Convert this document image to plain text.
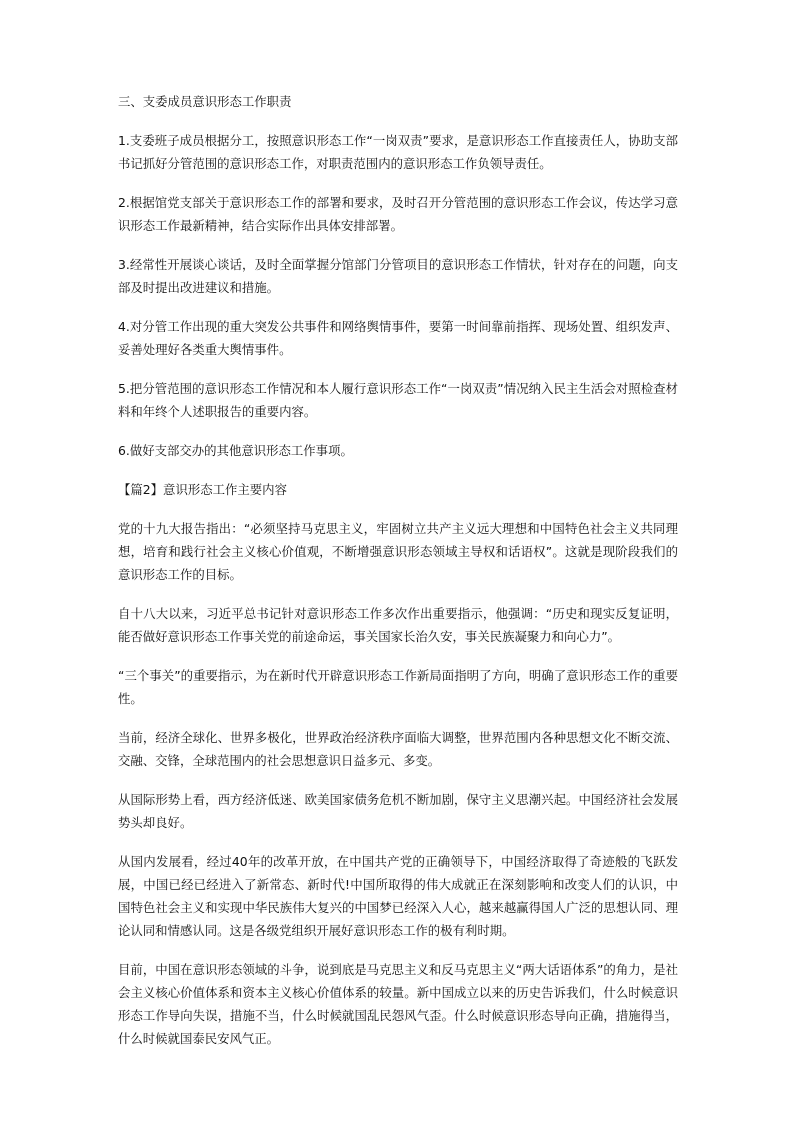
三、支委成员意识形态工作职责

1.支委班子成员根据分工，按照意识形态工作“一岗双责”要求，是意识形态工作直接责任人，协助支部书记抓好分管范围的意识形态工作，对职责范围内的意识形态工作负领导责任。

2.根据馆党支部关于意识形态工作的部署和要求，及时召开分管范围的意识形态工作会议，传达学习意识形态工作最新精神，结合实际作出具体安排部署。

3.经常性开展谈心谈话，及时全面掌握分馆部门分管项目的意识形态工作情状，针对存在的问题，向支部及时提出改进建议和措施。

4.对分管工作出现的重大突发公共事件和网络舆情事件，要第一时间靠前指挥、现场处置、组织发声、妥善处理好各类重大舆情事件。

5.把分管范围的意识形态工作情况和本人履行意识形态工作“一岗双责”情况纳入民主生活会对照检查材料和年终个人述职报告的重要内容。

6.做好支部交办的其他意识形态工作事项。

【篇2】意识形态工作主要内容

党的十九大报告指出：“必须坚持马克思主义，牢固树立共产主义远大理想和中国特色社会主义共同理想，培育和践行社会主义核心价值观，不断增强意识形态领域主导权和话语权”。这就是现阶段我们的意识形态工作的目标。

自十八大以来，习近平总书记针对意识形态工作多次作出重要指示，他强调：“历史和现实反复证明，能否做好意识形态工作事关党的前途命运，事关国家长治久安，事关民族凝聚力和向心力”。

“三个事关”的重要指示，为在新时代开辟意识形态工作新局面指明了方向，明确了意识形态工作的重要性。

当前，经济全球化、世界多极化，世界政治经济秩序面临大调整，世界范围内各种思想文化不断交流、交融、交锋，全球范围内的社会思想意识日益多元、多变。

从国际形势上看，西方经济低迷、欧美国家债务危机不断加剧，保守主义思潮兴起。中国经济社会发展势头却良好。

从国内发展看，经过40年的改革开放，在中国共产党的正确领导下，中国经济取得了奇迹般的飞跃发展，中国已经已经进入了新常态、新时代!中国所取得的伟大成就正在深刻影响和改变人们的认识，中国特色社会主义和实现中华民族伟大复兴的中国梦已经深入人心，越来越赢得国人广泛的思想认同、理论认同和情感认同。这是各级党组织开展好意识形态工作的极有利时期。

目前，中国在意识形态领域的斗争，说到底是马克思主义和反马克思主义“两大话语体系”的角力，是社会主义核心价值体系和资本主义核心价值体系的较量。新中国成立以来的历史告诉我们，什么时候意识形态工作导向失误，措施不当，什么时候就国乱民怨风气歪。什么时候意识形态导向正确，措施得当，什么时候就国泰民安风气正。
